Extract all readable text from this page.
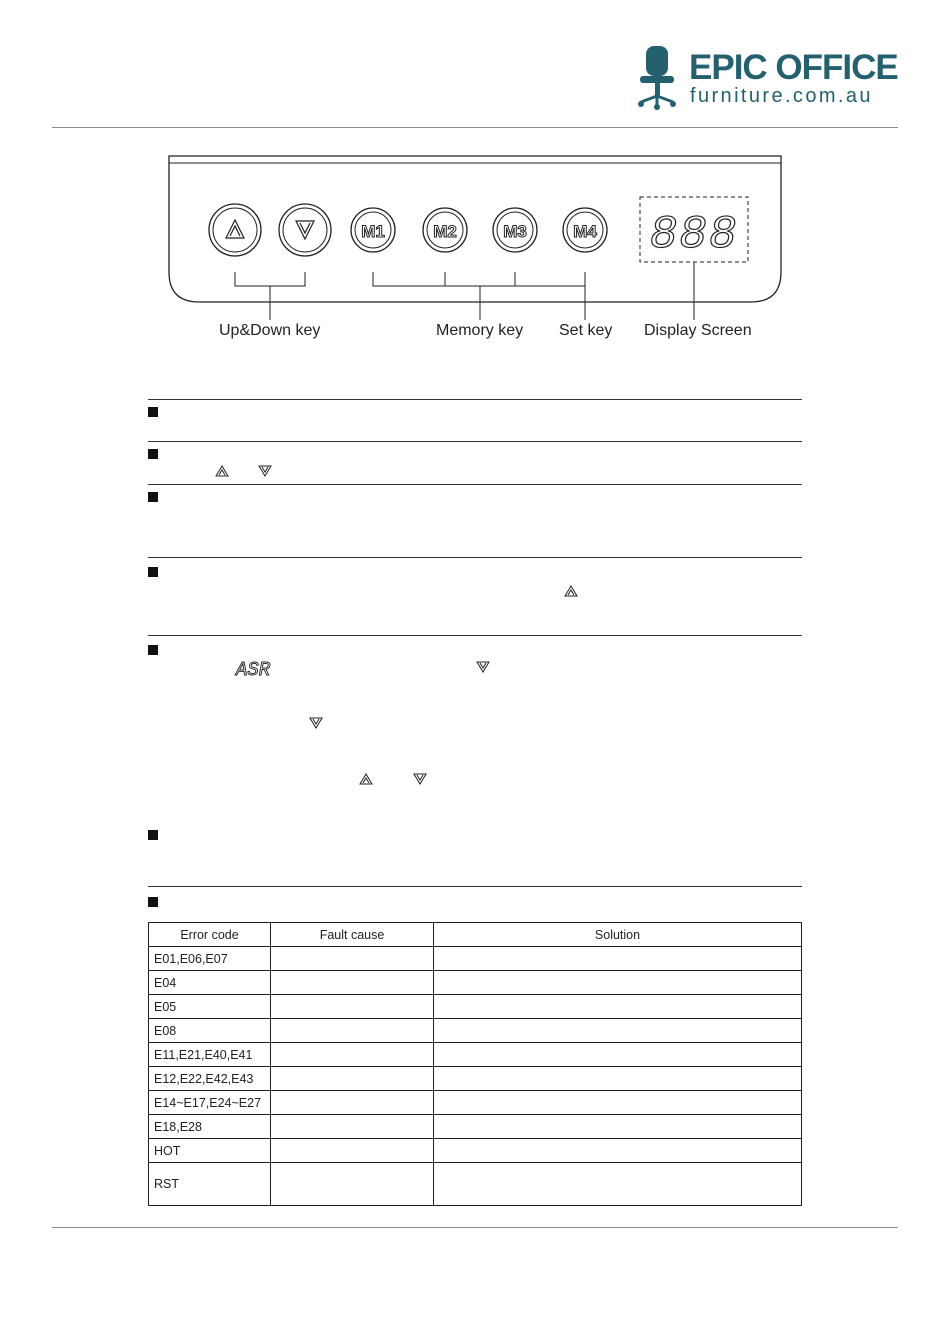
EPIC OFFICE
furniture.com.au
M1	M2	M3	M4 888
Up&Down key	Memory key Set key Display Screen
ASR
Error code	Fault cause	Solution
E01,E06,E07		
E04		
E05		
E08		
E11,E21,E40,E41		
E12,E22,E42,E43		
E14~E17,E24~E27		
E18,E28		
HOT		
RST		
